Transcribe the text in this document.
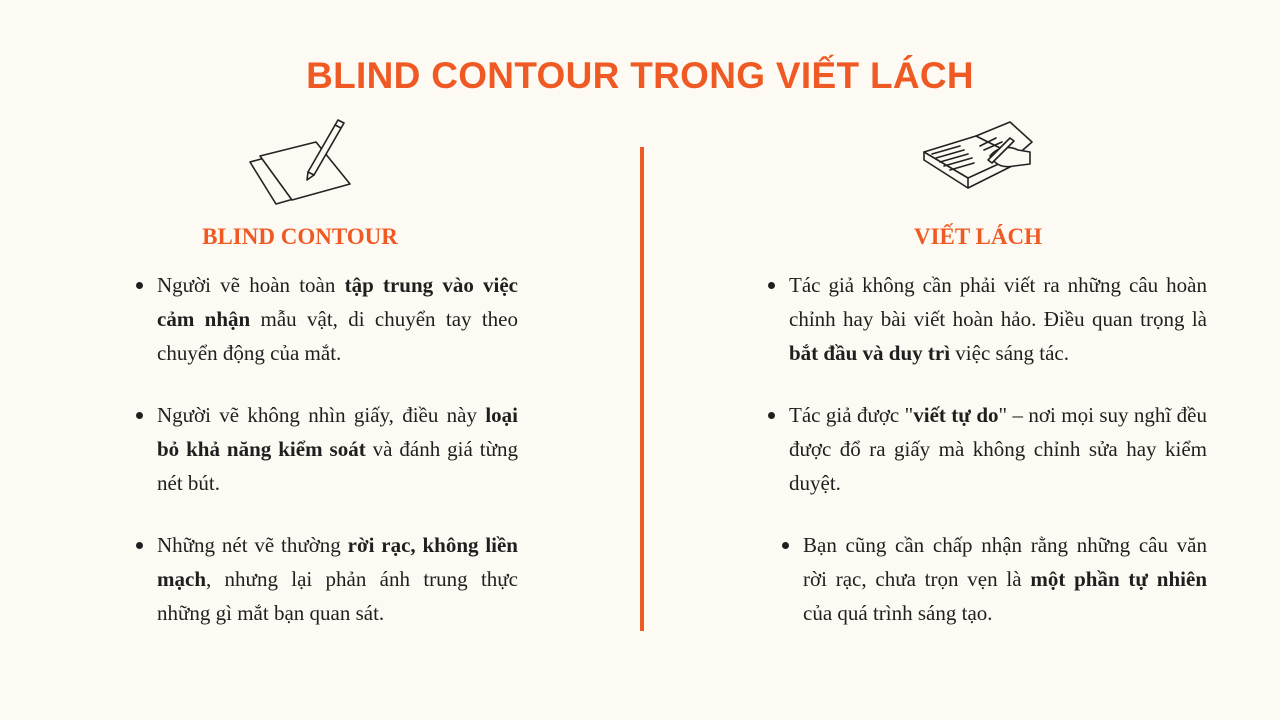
BLIND CONTOUR TRONG VIẾT LÁCH
BLIND CONTOUR	VIẾT LÁCH
Người vẽ hoàn toàn tập trung vào việc cảm nhận mẫu vật, di chuyển tay theo chuyển động của mắt.
Người vẽ không nhìn giấy, điều này loại bỏ khả năng kiểm soát và đánh giá từng nét bút.
Những nét vẽ thường rời rạc, không liền mạch, nhưng lại phản ánh trung thực những gì mắt bạn quan sát.
Tác giả không cần phải viết ra những câu hoàn chỉnh hay bài viết hoàn hảo. Điều quan trọng là bắt đầu và duy trì việc sáng tác.
Tác giả được "viết tự do" – nơi mọi suy nghĩ đều được đổ ra giấy mà không chỉnh sửa hay kiểm duyệt.
Bạn cũng cần chấp nhận rằng những câu văn rời rạc, chưa trọn vẹn là một phần tự nhiên của quá trình sáng tạo.
